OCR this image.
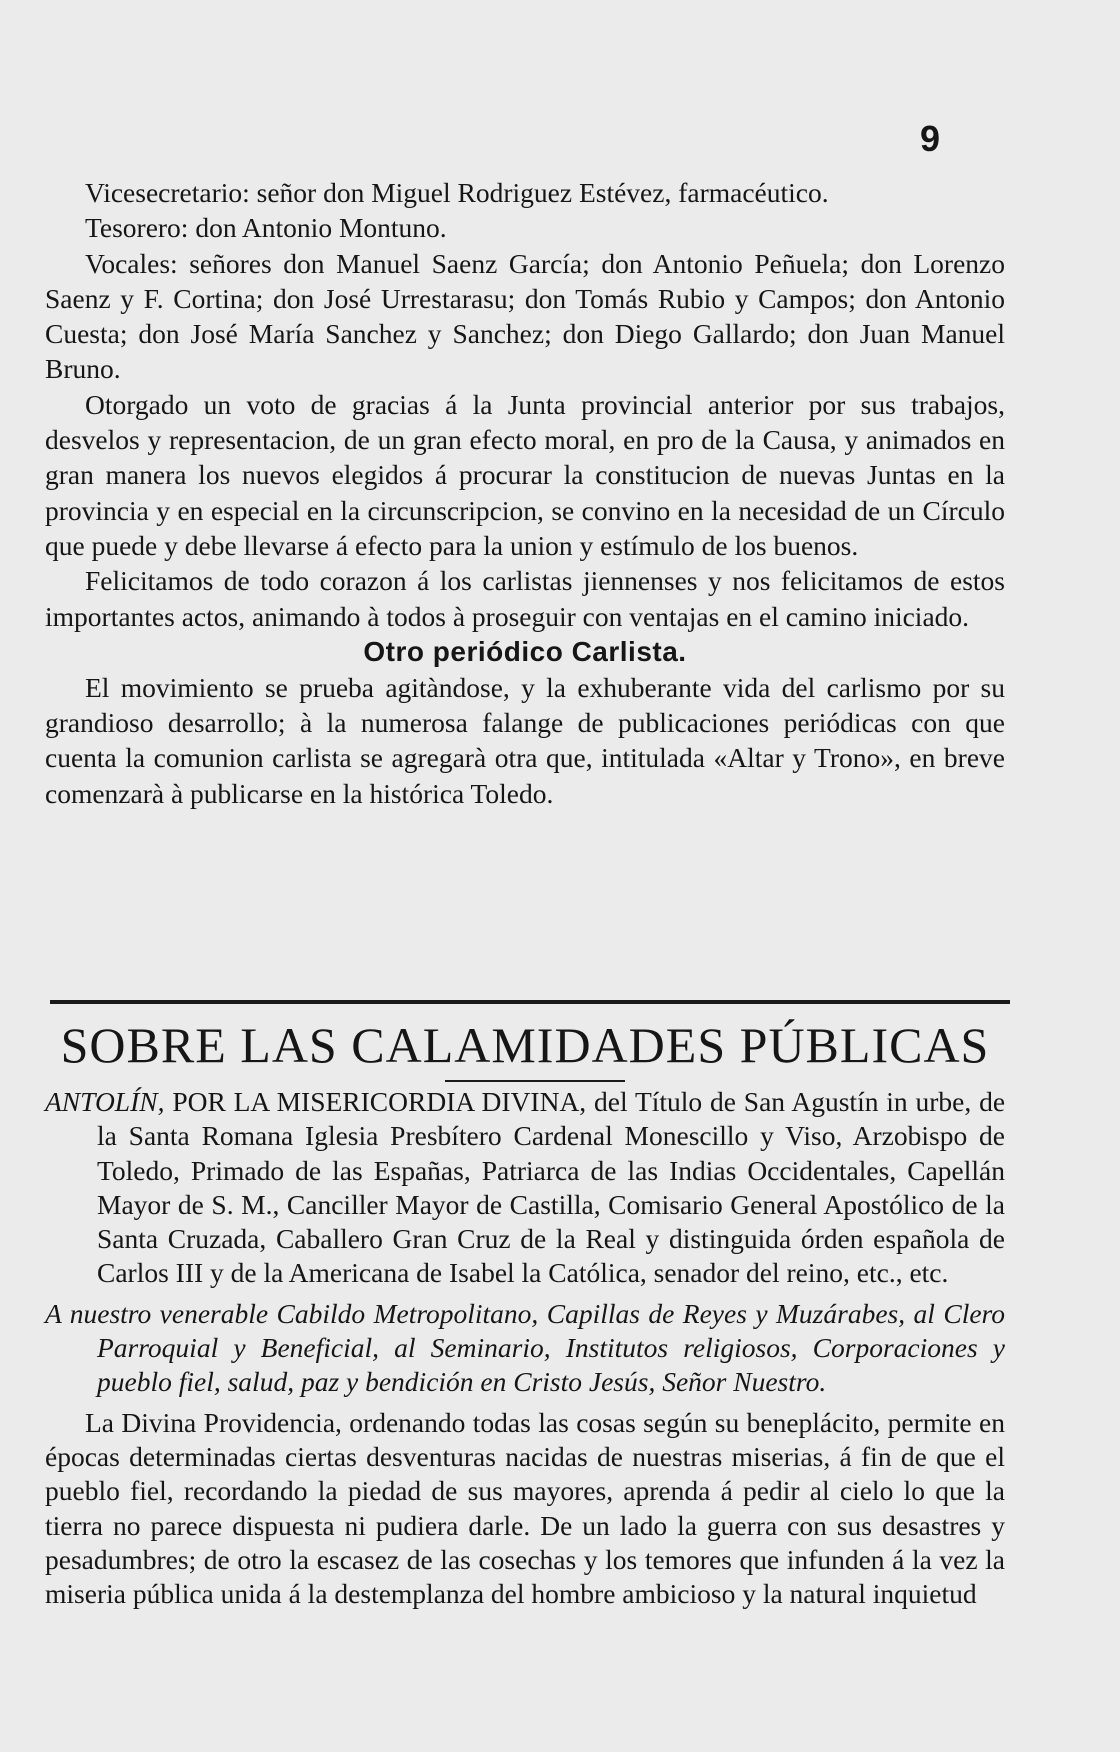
9

Vicesecretario: señor don Miguel Rodriguez Estévez, farmacéutico.

Tesorero: don Antonio Montuno.

Vocales: señores don Manuel Saenz García; don Antonio Peñuela; don Lorenzo Saenz y F. Cortina; don José Urrestarasu; don Tomás Rubio y Campos; don Antonio Cuesta; don José María Sanchez y Sanchez; don Diego Gallardo; don Juan Manuel Bruno.

Otorgado un voto de gracias á la Junta provincial anterior por sus trabajos, desvelos y representacion, de un gran efecto moral, en pro de la Causa, y animados en gran manera los nuevos elegidos á procurar la constitucion de nuevas Juntas en la provincia y en especial en la circunscripcion, se convino en la necesidad de un Círculo que puede y debe llevarse á efecto para la union y estímulo de los buenos.

Felicitamos de todo corazon á los carlistas jiennenses y nos felicitamos de estos importantes actos, animando à todos à proseguir con ventajas en el camino iniciado.

Otro periódico Carlista.

El movimiento se prueba agitàndose, y la exhuberante vida del carlismo por su grandioso desarrollo; à la numerosa falange de publicaciones periódicas con que cuenta la comunion carlista se agregarà otra que, intitulada «Altar y Trono», en breve comenzarà à publicarse en la histórica Toledo.

SOBRE LAS CALAMIDADES PÚBLICAS

ANTOLÍN, POR LA MISERICORDIA DIVINA, del Título de San Agustín in urbe, de la Santa Romana Iglesia Presbítero Cardenal Monescillo y Viso, Arzobispo de Toledo, Primado de las Españas, Patriarca de las Indias Occidentales, Capellán Mayor de S. M., Canciller Mayor de Castilla, Comisario General Apostólico de la Santa Cruzada, Caballero Gran Cruz de la Real y distinguida órden española de Carlos III y de la Americana de Isabel la Católica, senador del reino, etc., etc.

A nuestro venerable Cabildo Metropolitano, Capillas de Reyes y Muzárabes, al Clero Parroquial y Beneficial, al Seminario, Institutos religiosos, Corporaciones y pueblo fiel, salud, paz y bendición en Cristo Jesús, Señor Nuestro.

La Divina Providencia, ordenando todas las cosas según su beneplácito, permite en épocas determinadas ciertas desventuras nacidas de nuestras miserias, á fin de que el pueblo fiel, recordando la piedad de sus mayores, aprenda á pedir al cielo lo que la tierra no parece dispuesta ni pudiera darle. De un lado la guerra con sus desastres y pesadumbres; de otro la escasez de las cosechas y los temores que infunden á la vez la miseria pública unida á la destemplanza del hombre ambicioso y la natural inquietud
